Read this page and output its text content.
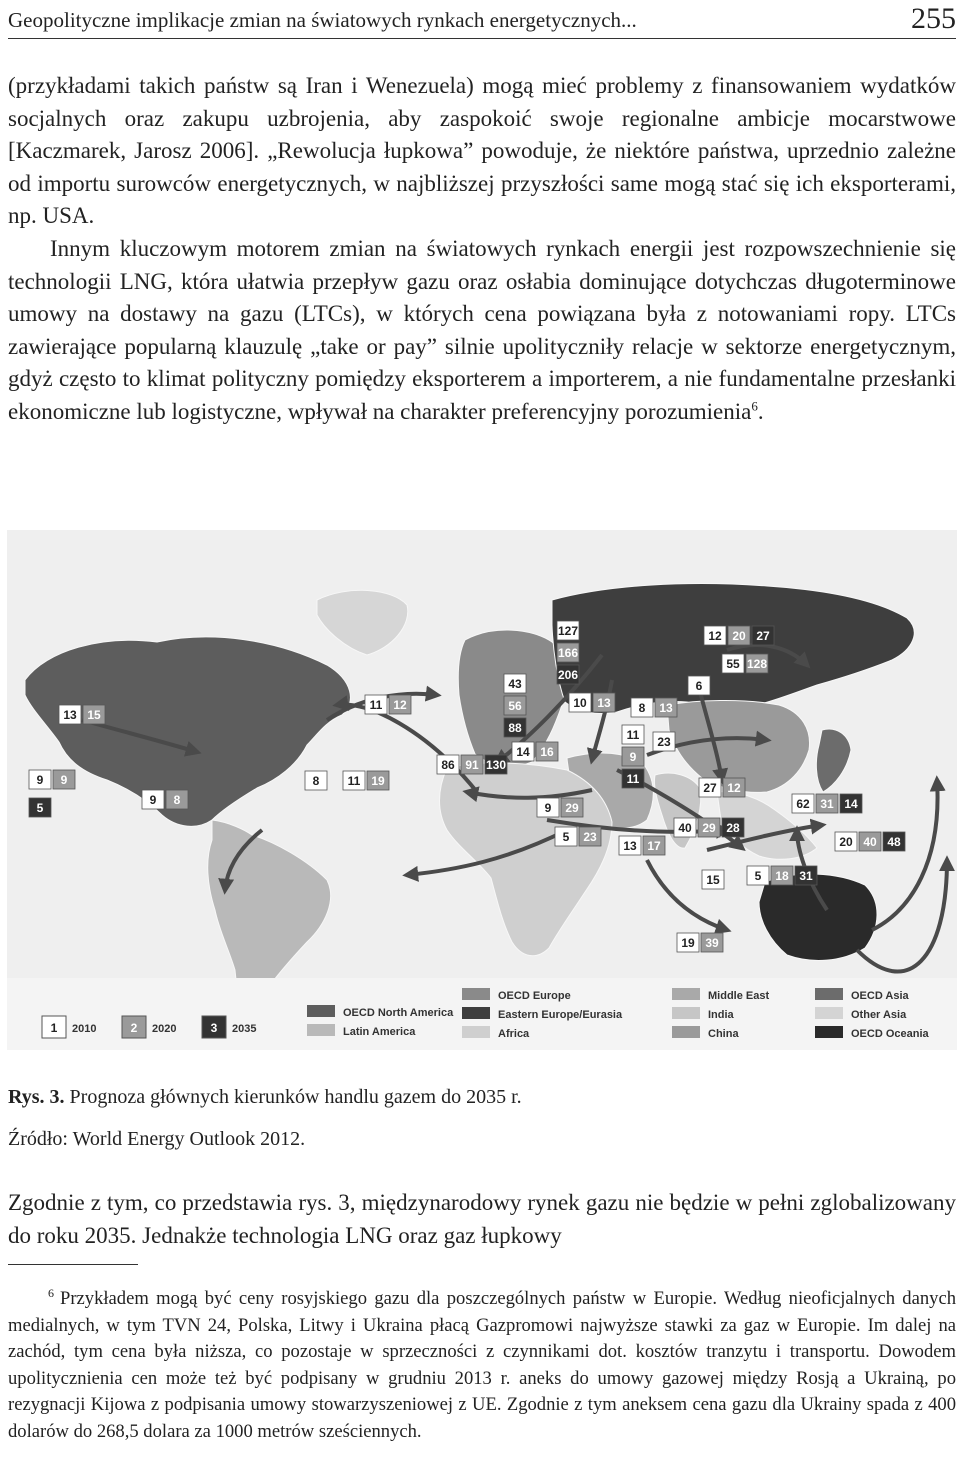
Geopolityczne implikacje zmian na światowych rynkach energetycznych...	255

(przykładami takich państw są Iran i Wenezuela) mogą mieć problemy z finansowaniem wydatków socjalnych oraz zakupu uzbrojenia, aby zaspokoić swoje regionalne ambicje mocarstwowe [Kaczmarek, Jarosz 2006]. „Rewolucja łupkowa” powoduje, że niektóre państwa, uprzednio zależne od importu surowców energetycznych, w najbliższej przyszłości same mogą stać się ich eksporterami, np. USA.

Innym kluczowym motorem zmian na światowych rynkach energii jest rozpowszechnienie się technologii LNG, która ułatwia przepływ gazu oraz osłabia dominujące dotychczas długoterminowe umowy na dostawy na gazu (LTCs), w których cena powiązana była z notowaniami ropy. LTCs zawierające popularną klauzulę „take or pay” silnie upolityczniły relacje w sektorze energetycznym, gdyż często to klimat polityczny pomiędzy eksporterem a importerem, a nie fundamentalne przesłanki ekonomiczne lub logistyczne, wpływał na charakter preferencyjny porozumienia$^6$.

13 15
9 9
5
9 8
8 11 19
11 12
43
56
88
127
166
206
86 91 130
14 16
10 13 8 13
11
9
11
23
12 20 27
55 128
6
9 29
5 23
13 17
40 29 28
27 12
62 31 14
15	5 18 31
20 40 48
19 39
1 2010	2 2020	3 2035
OECD North America
Latin America
OECD Europe
Eastern Europe/Eurasia
Africa
Middle East
India
China
OECD Asia
Other Asia
OECD Oceania
Rys. 3. Prognoza głównych kierunków handlu gazem do 2035 r.
Źródło: World Energy Outlook 2012.

Zgodnie z tym, co przedstawia rys. 3, międzynarodowy rynek gazu nie będzie w pełni zglobalizowany do roku 2035. Jednakże technologia LNG oraz gaz łupkowy

$^6$ Przykładem mogą być ceny rosyjskiego gazu dla poszczególnych państw w Europie. Według nieoficjalnych danych medialnych, w tym TVN 24, Polska, Litwy i Ukraina płacą Gazpromowi najwyższe stawki za gaz w Europie. Im dalej na zachód, tym cena była niższa, co pozostaje w sprzeczności z czynnikami dot. kosztów tranzytu i transportu. Dowodem upolitycznienia cen może też być podpisany w grudniu 2013 r. aneks do umowy gazowej między Rosją a Ukrainą, po rezygnacji Kijowa z podpisania umowy stowarzyszeniowej z UE. Zgodnie z tym aneksem cena gazu dla Ukrainy spada z 400 dolarów do 268,5 dolara za 1000 metrów sześciennych.
